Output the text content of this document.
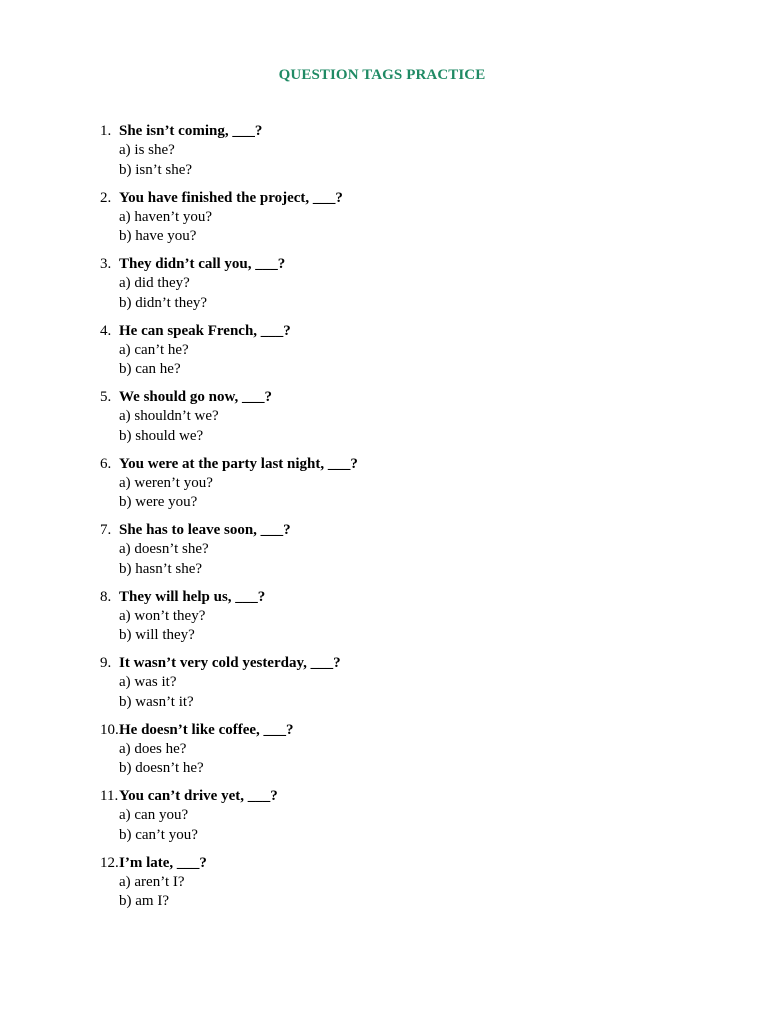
QUESTION TAGS PRACTICE
1. She isn’t coming, ___?
a) is she?
b) isn’t she?
2. You have finished the project, ___?
a) haven’t you?
b) have you?
3. They didn’t call you, ___?
a) did they?
b) didn’t they?
4. He can speak French, ___?
a) can’t he?
b) can he?
5. We should go now, ___?
a) shouldn’t we?
b) should we?
6. You were at the party last night, ___?
a) weren’t you?
b) were you?
7. She has to leave soon, ___?
a) doesn’t she?
b) hasn’t she?
8. They will help us, ___?
a) won’t they?
b) will they?
9. It wasn’t very cold yesterday, ___?
a) was it?
b) wasn’t it?
10. He doesn’t like coffee, ___?
a) does he?
b) doesn’t he?
11. You can’t drive yet, ___?
a) can you?
b) can’t you?
12. I’m late, ___?
a) aren’t I?
b) am I?
